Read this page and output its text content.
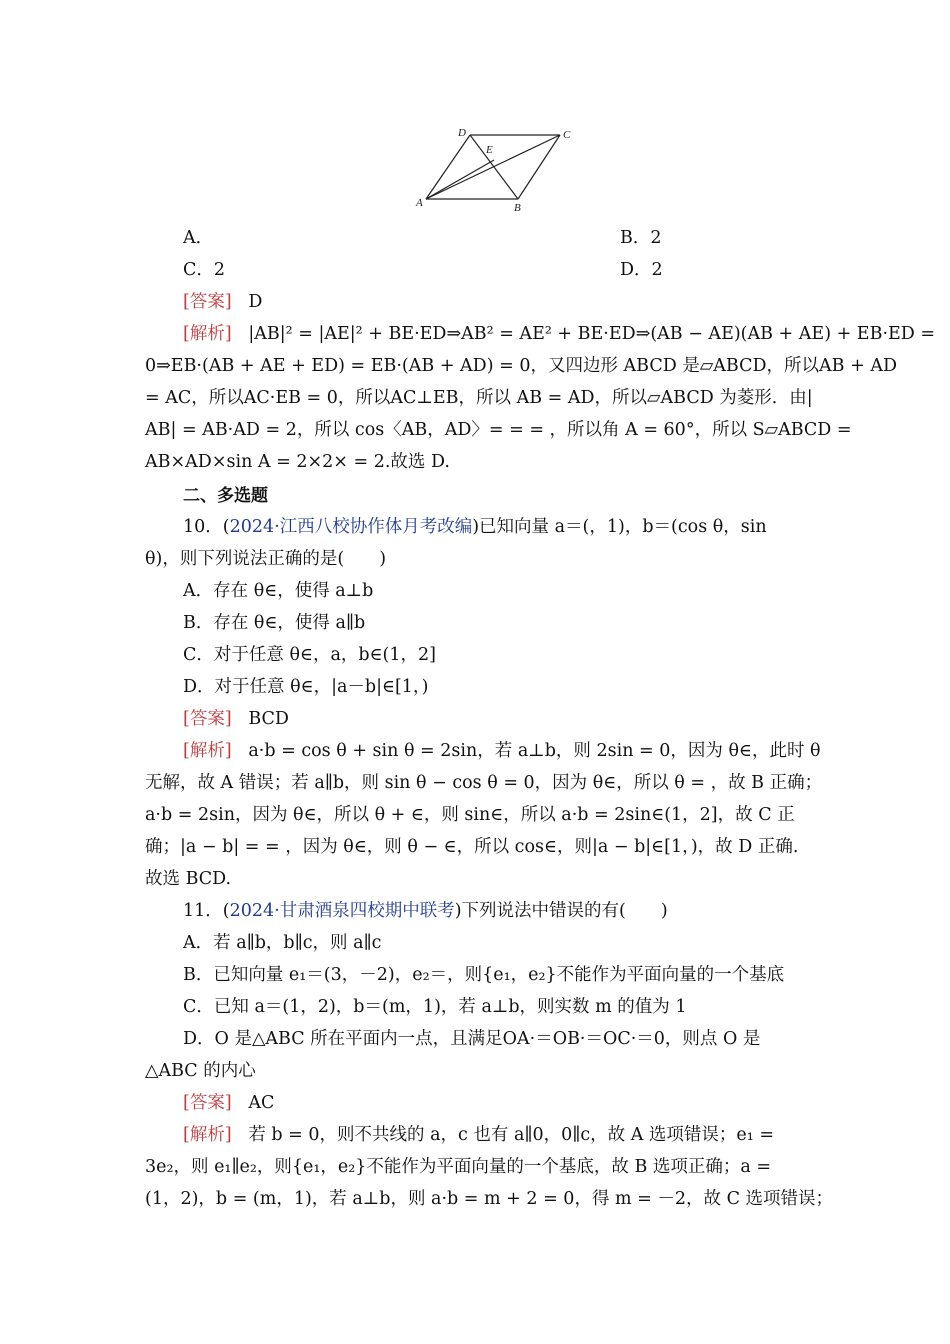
D	C
E
A	B
A．	B．2
C．2	D．2
[答案] D
[解析] |AB|² = |AE|² + BE·ED⇒AB² = AE² + BE·ED⇒(AB − AE)(AB + AE) + EB·ED =
0⇒EB·(AB + AE + ED) = EB·(AB + AD) = 0，又四边形 ABCD 是▱ABCD，所以AB + AD
= AC，所以AC·EB = 0，所以AC⊥EB，所以 AB = AD，所以▱ABCD 为菱形．由|
AB| = AB·AD = 2，所以 cos〈AB，AD〉= = = ，所以角 A = 60°，所以 S▱ABCD =
AB×AD×sin A = 2×2× = 2.故选 D.
二、多选题
10．(2024·江西八校协作体月考改编)已知向量 a＝(，1)，b＝(cos θ，sin
θ)，则下列说法正确的是(　　)
A．存在 θ∈，使得 a⊥b
B．存在 θ∈，使得 a∥b
C．对于任意 θ∈，a，b∈(1，2]
D．对于任意 θ∈，|a－b|∈[1，)
[答案] BCD
[解析] a·b = cos θ + sin θ = 2sin，若 a⊥b，则 2sin = 0，因为 θ∈，此时 θ
无解，故 A 错误；若 a∥b，则 sin θ − cos θ = 0，因为 θ∈，所以 θ = ，故 B 正确；
a·b = 2sin，因为 θ∈，所以 θ + ∈，则 sin∈，所以 a·b = 2sin∈(1，2]，故 C 正
确；|a − b| = = ，因为 θ∈，则 θ − ∈，所以 cos∈，则|a − b|∈[1，)，故 D 正确.
故选 BCD.
11．(2024·甘肃酒泉四校期中联考)下列说法中错误的有(　　)
A．若 a∥b，b∥c，则 a∥c
B．已知向量 e₁＝(3，－2)，e₂＝，则{e₁，e₂}不能作为平面向量的一个基底
C．已知 a＝(1，2)，b＝(m，1)，若 a⊥b，则实数 m 的值为 1
D．O 是△ABC 所在平面内一点，且满足OA·＝OB·＝OC·＝0，则点 O 是
△ABC 的内心
[答案] AC
[解析] 若 b = 0，则不共线的 a，c 也有 a∥0，0∥c，故 A 选项错误；e₁ =
3e₂，则 e₁∥e₂，则{e₁，e₂}不能作为平面向量的一个基底，故 B 选项正确；a =
(1，2)，b = (m，1)，若 a⊥b，则 a·b = m + 2 = 0，得 m = －2，故 C 选项错误；
